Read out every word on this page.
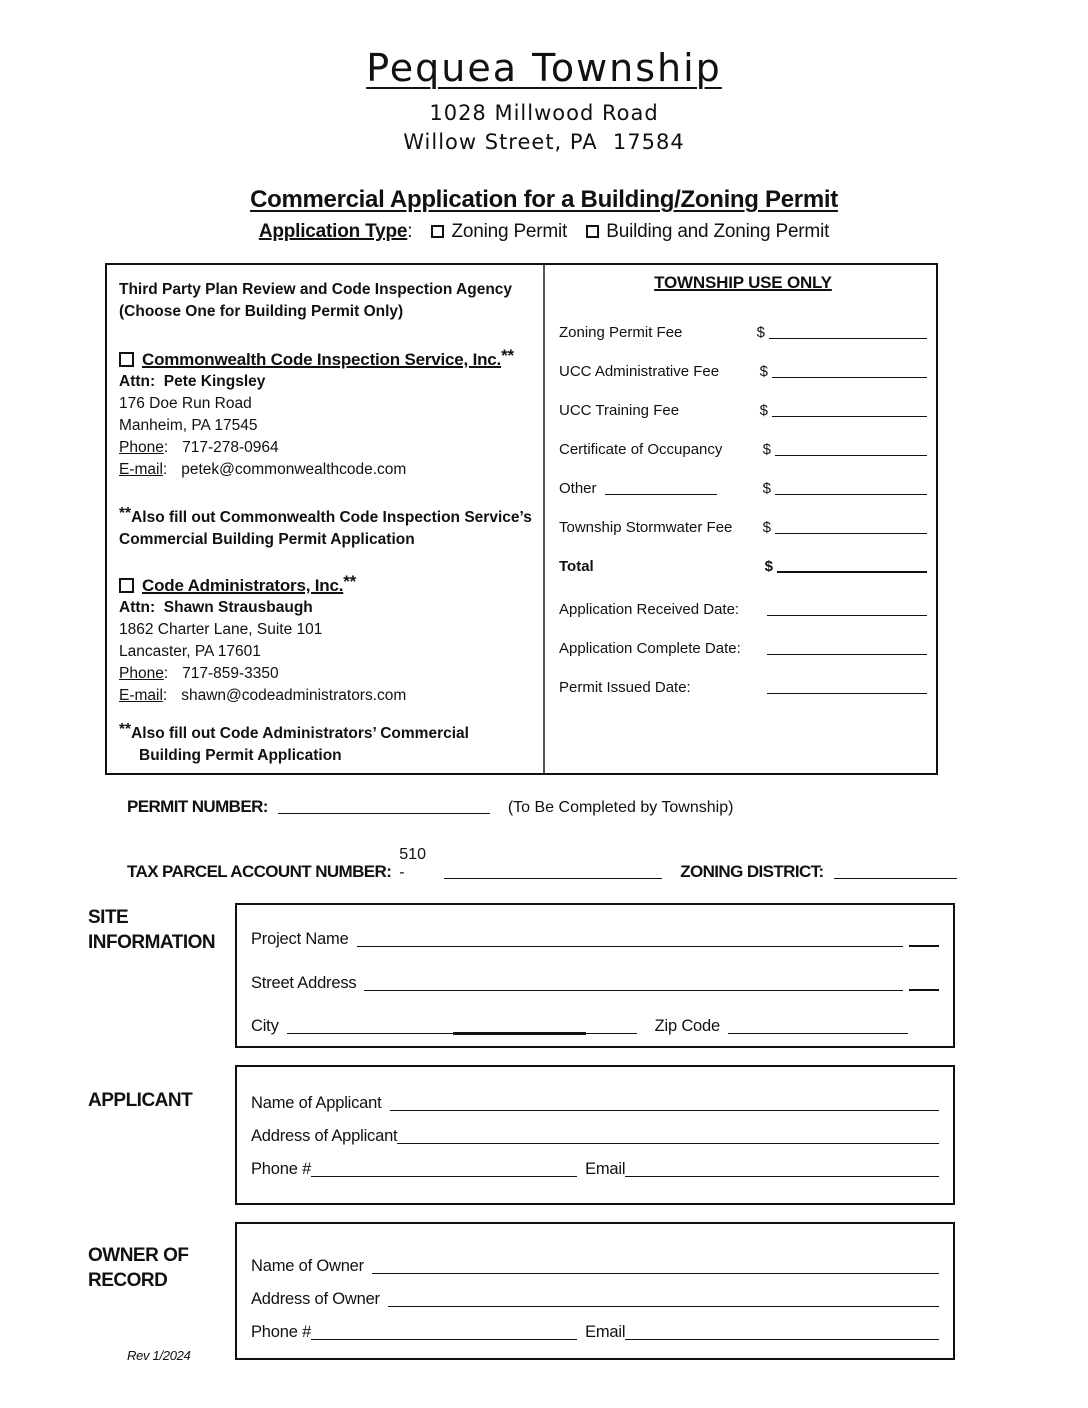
Pequea Township
1028 Millwood Road
Willow Street, PA  17584
Commercial Application for a Building/Zoning Permit
Application Type: Zoning Permit Building and Zoning Permit
Third Party Plan Review and Code Inspection Agency
(Choose One for Building Permit Only)
Commonwealth Code Inspection Service, Inc.**
Attn:  Pete Kingsley
176 Doe Run Road
Manheim, PA 17545
Phone: 717-278-0964
E-mail: petek@commonwealthcode.com
**Also fill out Commonwealth Code Inspection Service’s
Commercial Building Permit Application
Code Administrators, Inc.**
Attn:  Shawn Strausbaugh
1862 Charter Lane, Suite 101
Lancaster, PA 17601
Phone: 717-859-3350
E-mail: shawn@codeadministrators.com
**Also fill out Code Administrators’ Commercial
Building Permit Application
TOWNSHIP USE ONLY
Zoning Permit Fee	$
UCC Administrative Fee	$
UCC Training Fee	$
Certificate of Occupancy	$
Other	$
Township Stormwater Fee $
Total	$
Application Received Date:
Application Complete Date:
Permit Issued Date:
PERMIT NUMBER:	(To Be Completed by Township)
TAX PARCEL ACCOUNT NUMBER:
510 -	ZONING DISTRICT:
SITE
INFORMATION Project Name
Street Address
City	Zip Code
APPLICANT	Name of Applicant
Address of Applicant
Phone #	Email
OWNER OF
RECORD
Name of Owner
Address of Owner
Phone #	Email
Rev 1/2024
